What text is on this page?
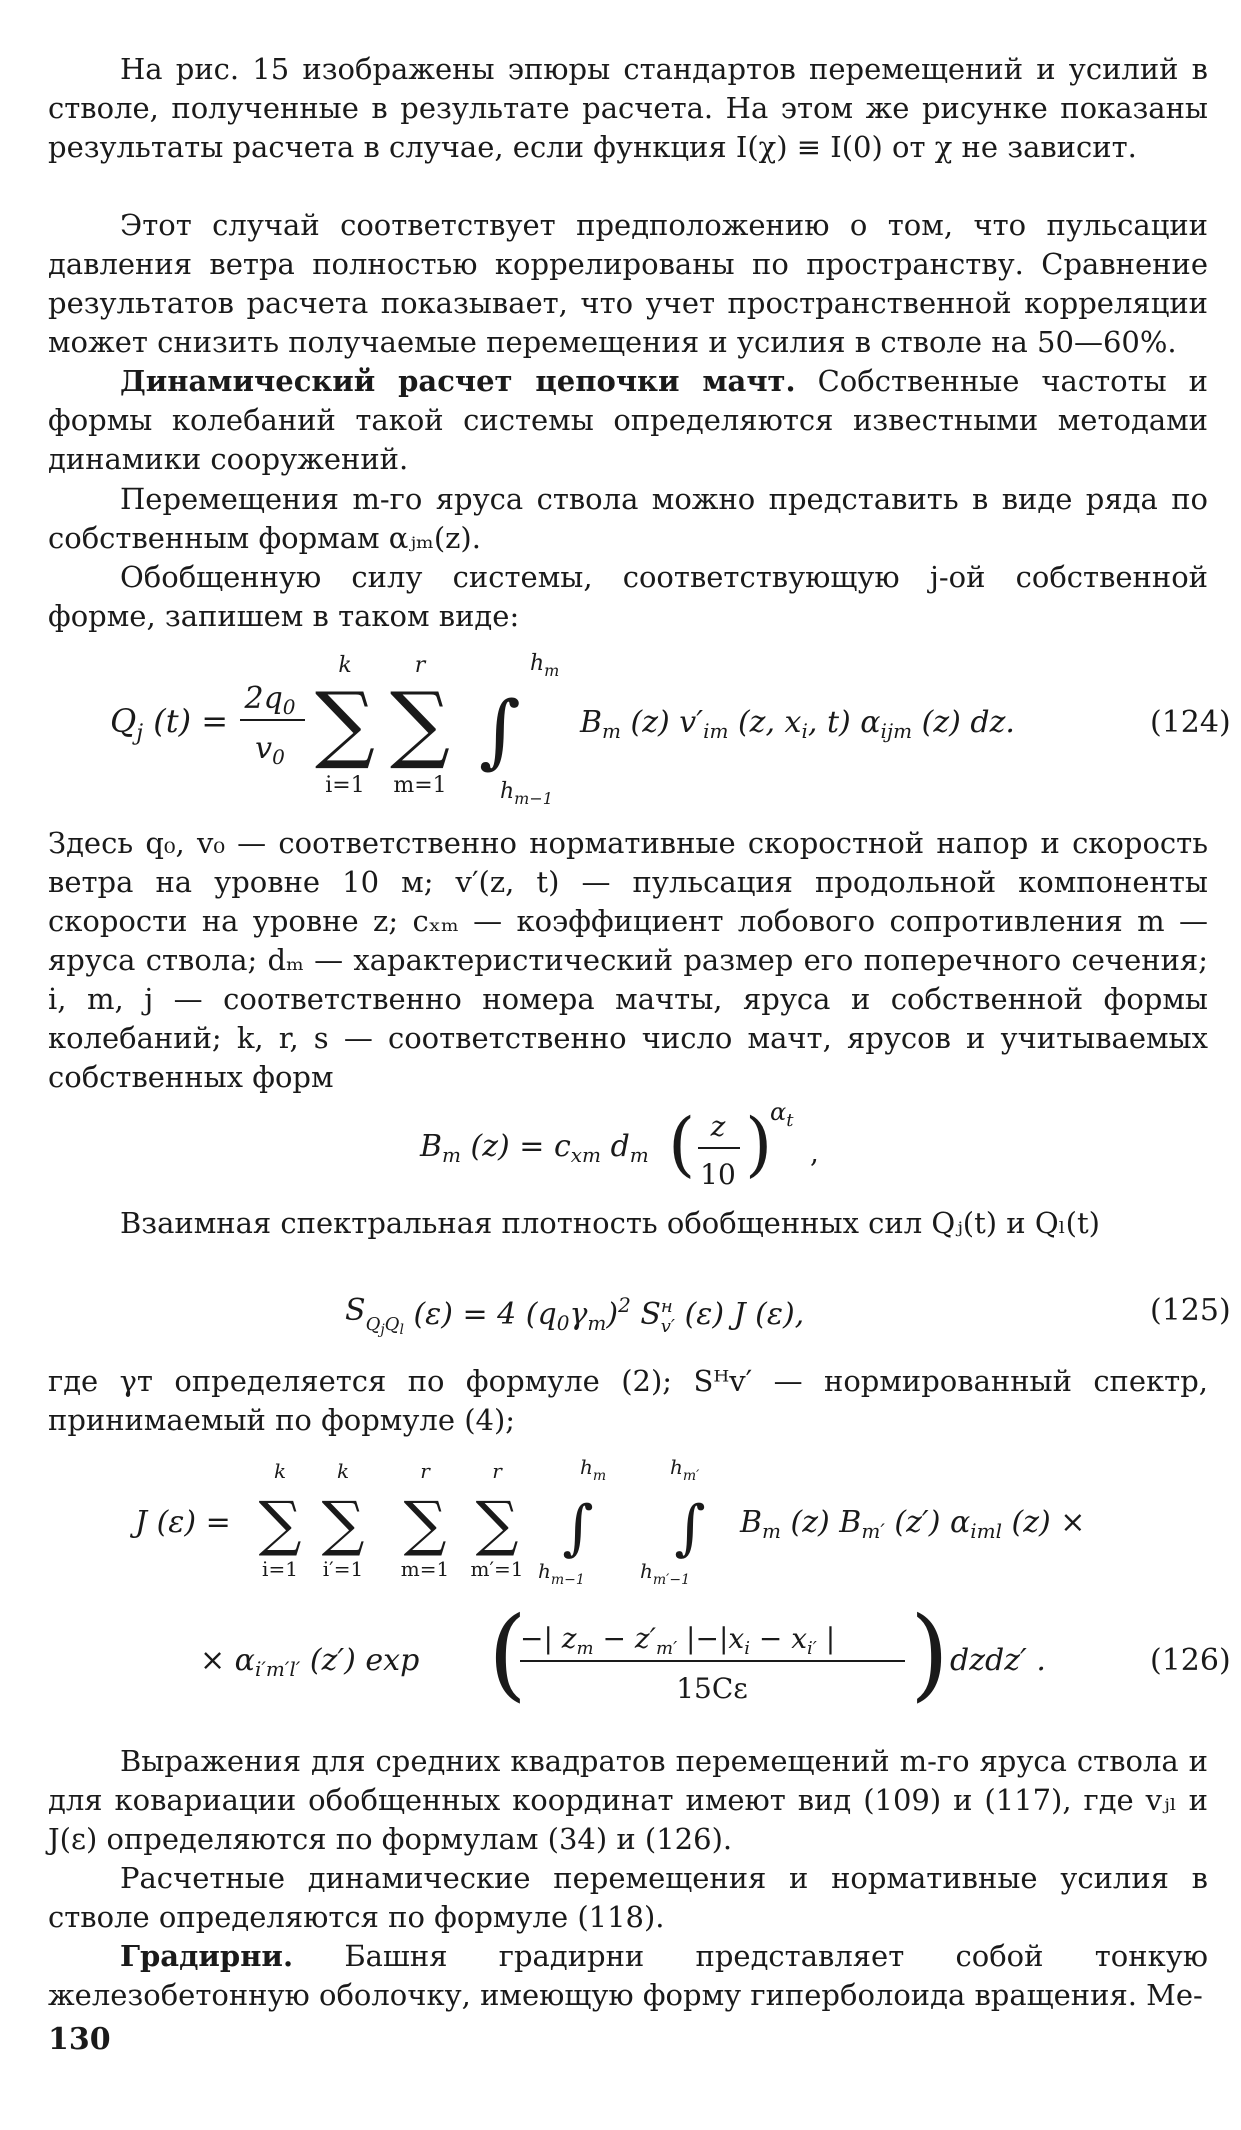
На рис. 15 изображены эпюры стандартов перемещений и усилий в стволе, полученные в результате расчета. На этом же рисунке показаны результаты расчета в случае, если функция I(χ) ≡ I(0) от χ не зависит.

Этот случай соответствует предположению о том, что пульсации давления ветра полностью коррелированы по пространству. Сравнение результатов расчета показывает, что учет пространственной корреляции может снизить получаемые перемещения и усилия в стволе на 50—60%.

Динамический расчет цепочки мачт. Собственные частоты и формы колебаний такой системы определяются известными методами динамики сооружений.

Перемещения m-го яруса ствола можно представить в виде ряда по собственным формам αⱼₘ(z).

Обобщенную силу системы, соответствующую j-ой собственной форме, запишем в таком виде:

$Q_j$ (t) =
$2q_0$
$v_0$ ∑
k
i=1
∑
r
m=1
∫
$h_m$
$h_{m-1}$
$B_m$ (z) $v'_{im}$ (z, $x_i$, t) $\alpha_{ijm}$ (z) dz.	(124)

Здесь q₀, v₀ — соответственно нормативные скоростной напор и скорость ветра на уровне 10 м; v′(z, t) — пульсация продольной компоненты скорости на уровне z; cₓₘ — коэффициент лобового сопротивления m — яруса ствола; dₘ — характеристический размер его поперечного сечения; i, m, j — соответственно номера мачты, яруса и собственной формы колебаний; k, r, s — соответственно число мачт, ярусов и учитываемых собственных форм

$B_m$ $(z) = c_{xm}$ $d_m$ ( z
10 )
$\alpha_t$
,

Взаимная спектральная плотность обобщенных сил Qⱼ(t) и Qₗ(t)

$S_QjQl$ (ε) = 4 $(q_0\gamma_т)^2$ $S^н$ v′ (ε) J (ε),	(125)

где γт определяется по формуле (2); Sᴴv′ — нормированный спектр, принимаемый по формуле (4);

J (ε) = ∑
k
i=1
∑
k
i′=1
∑
r
m=1
∑
r
m′=1
∫
$h_m$
$h_{m-1}$
∫
$h_{m'}$
$h_{m'-1}$
$B_m$ (z) $B_{m'}$ (z′) $\alpha_{iml}$ (z) ×
× $\alpha_{i'm'l'}$ (z′) exp (
−| $z_m - z'_{m'}$ $|-|x_i - x_{i'}$ |
15Cε ) dzdz′ .	(126)

Выражения для средних квадратов перемещений m-го яруса ствола и для ковариации обобщенных координат имеют вид (109) и (117), где vⱼₗ и J(ε) определяются по формулам (34) и (126).

Расчетные динамические перемещения и нормативные усилия в стволе определяются по формуле (118).

Градирни. Башня градирни представляет собой тонкую железобетонную оболочку, имеющую форму гиперболоида вращения. Ме-

130
